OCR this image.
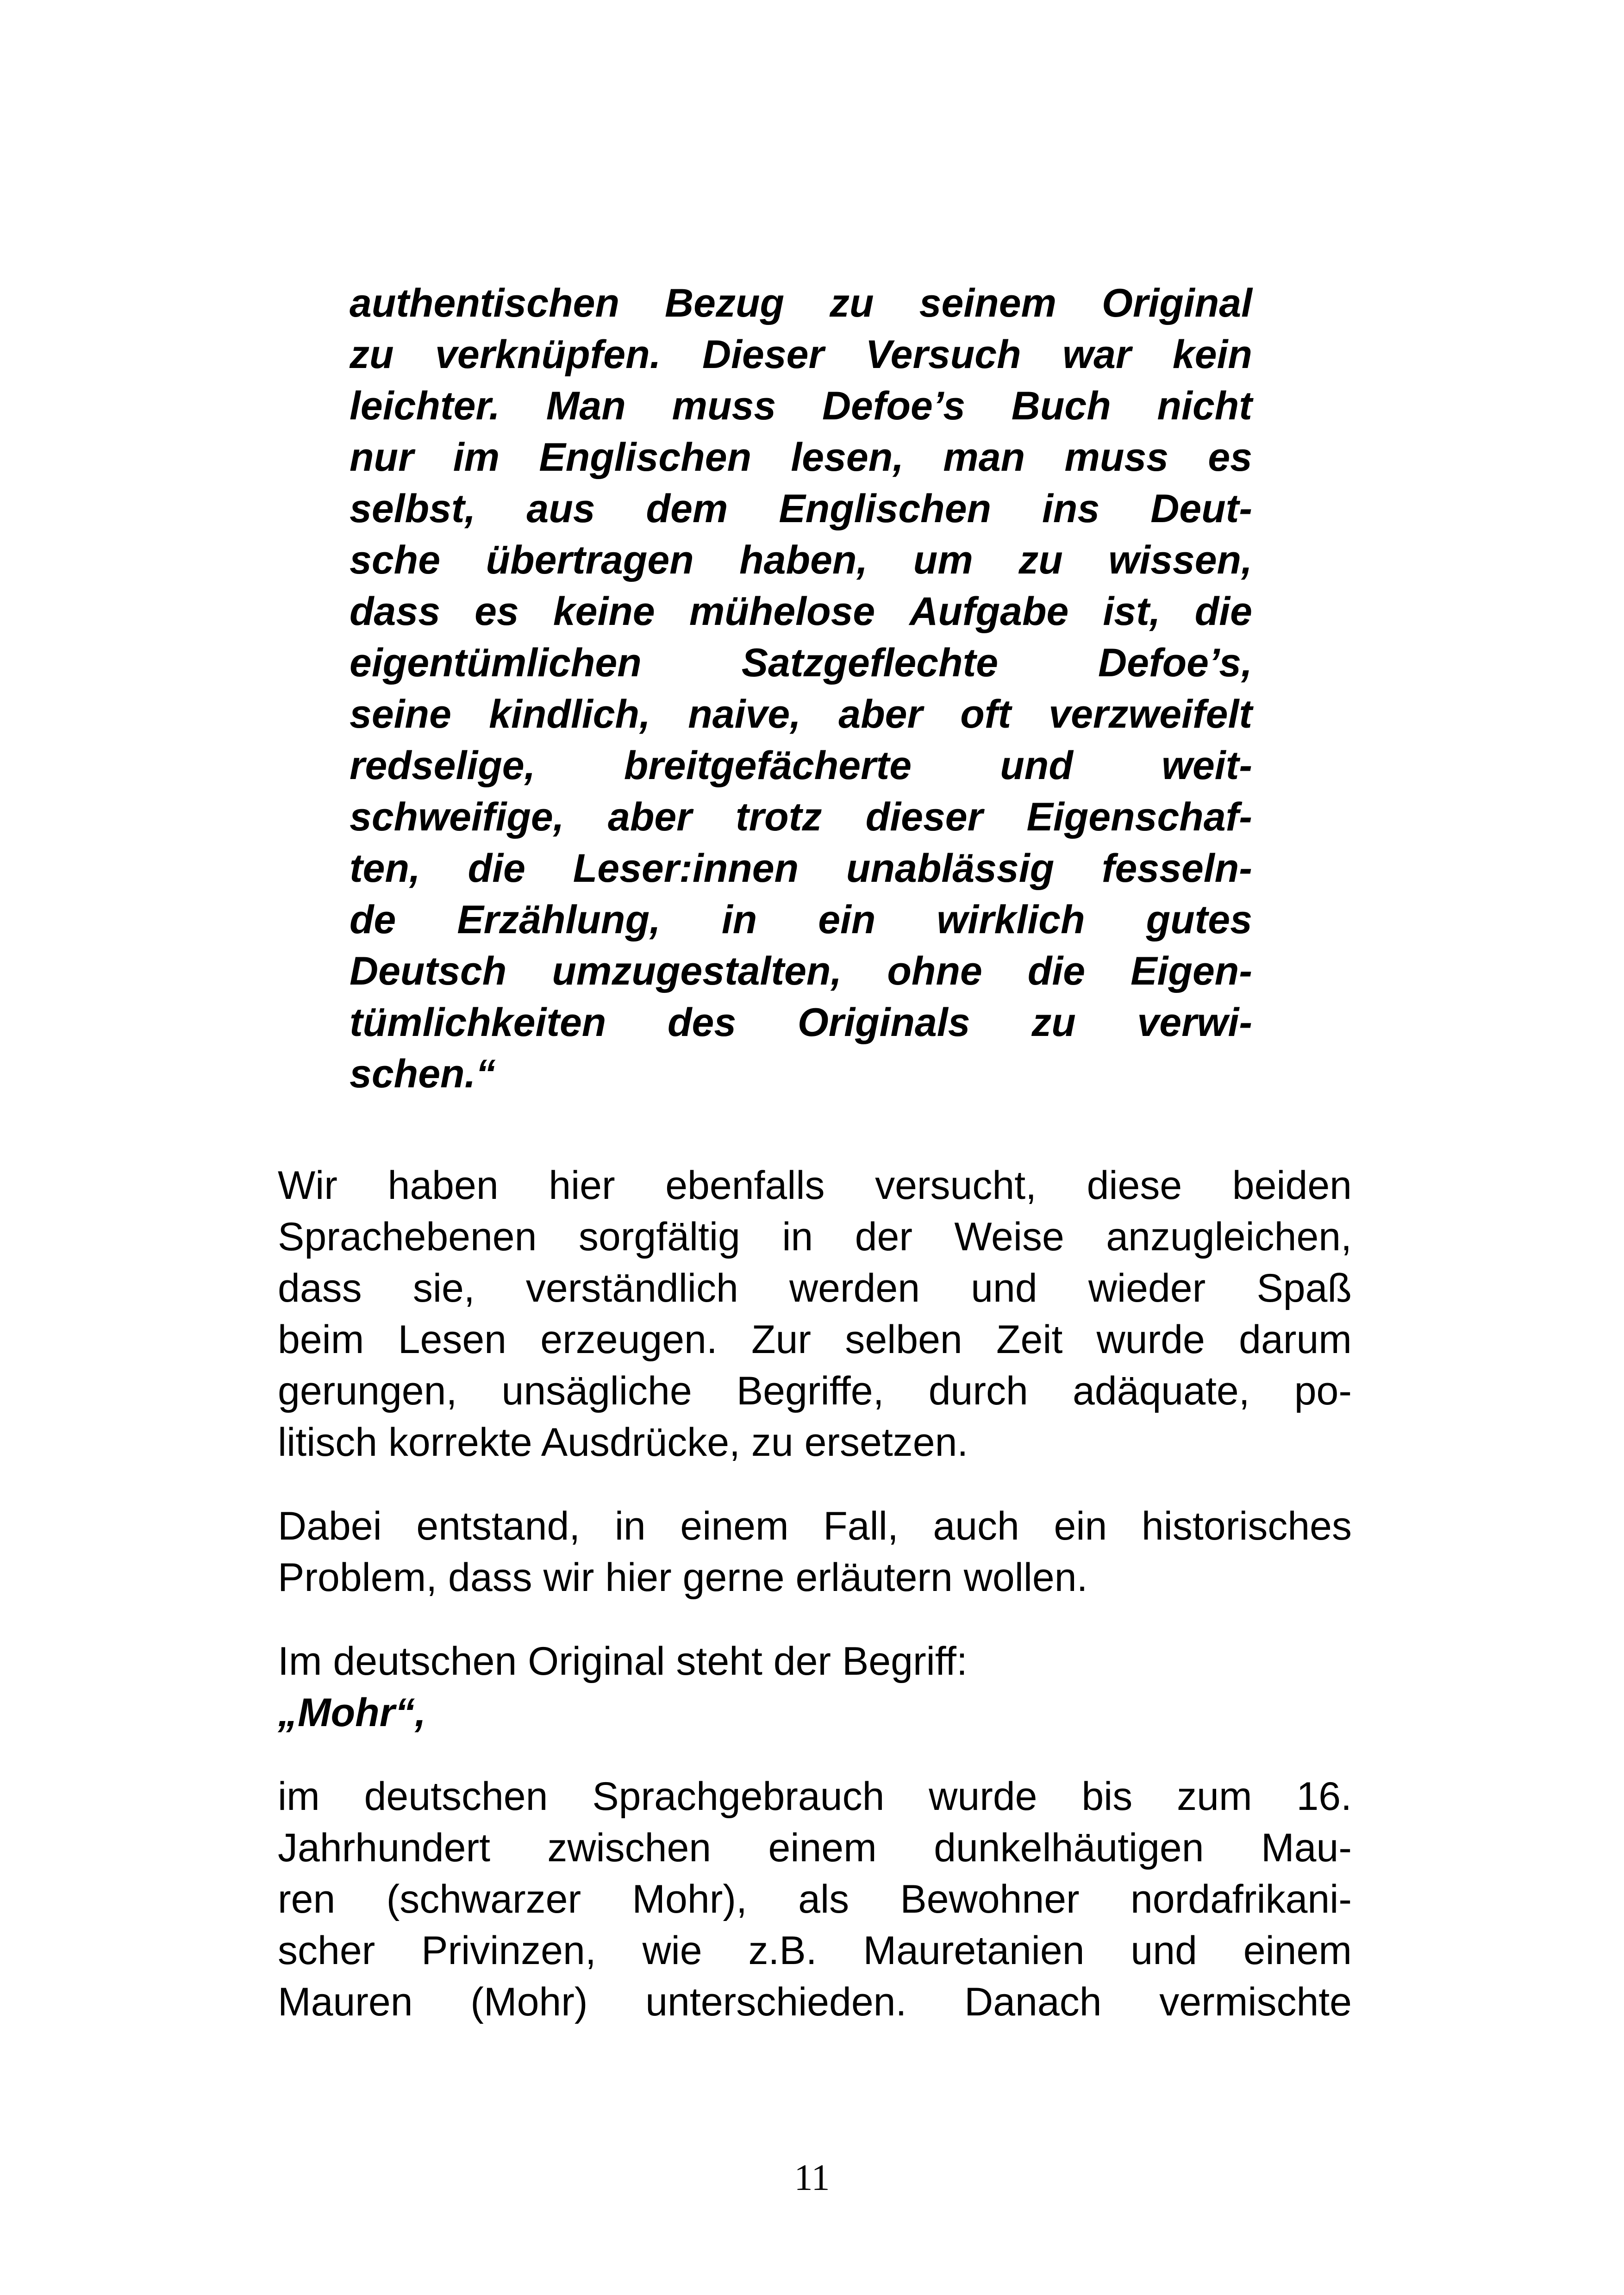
authentischen Bezug zu seinem Original
zu verknüpfen. Dieser Versuch war kein
leichter. Man muss Defoe’s Buch nicht
nur im Englischen lesen, man muss es
selbst, aus dem Englischen ins Deut-
sche übertragen haben, um zu wissen,
dass es keine mühelose Aufgabe ist, die
eigentümlichen	Satzgeflechte	Defoe’s,
seine kindlich, naive, aber oft verzweifelt
redselige, breitgefächerte und weit-
schweifige, aber trotz dieser Eigenschaf-
ten, die Leser:innen unablässig fesseln-
de Erzählung, in ein wirklich gutes
Deutsch umzugestalten, ohne die Eigen-
tümlichkeiten des Originals zu verwi-
schen.“
Wir haben hier ebenfalls versucht, diese beiden
Sprachebenen sorgfältig in der Weise anzugleichen,
dass sie, verständlich werden und wieder Spaß
beim Lesen erzeugen. Zur selben Zeit wurde darum
gerungen, unsägliche Begriffe, durch adäquate, po-
litisch korrekte Ausdrücke, zu ersetzen.
Dabei entstand, in einem Fall, auch ein historisches
Problem, dass wir hier gerne erläutern wollen.
Im deutschen Original steht der Begriff:
„Mohr“,
im deutschen Sprachgebrauch wurde bis zum 16.
Jahrhundert zwischen einem dunkelhäutigen Mau-
ren (schwarzer Mohr), als Bewohner nordafrikani-
scher Privinzen, wie z.B. Mauretanien und einem
Mauren (Mohr) unterschieden. Danach vermischte
11
